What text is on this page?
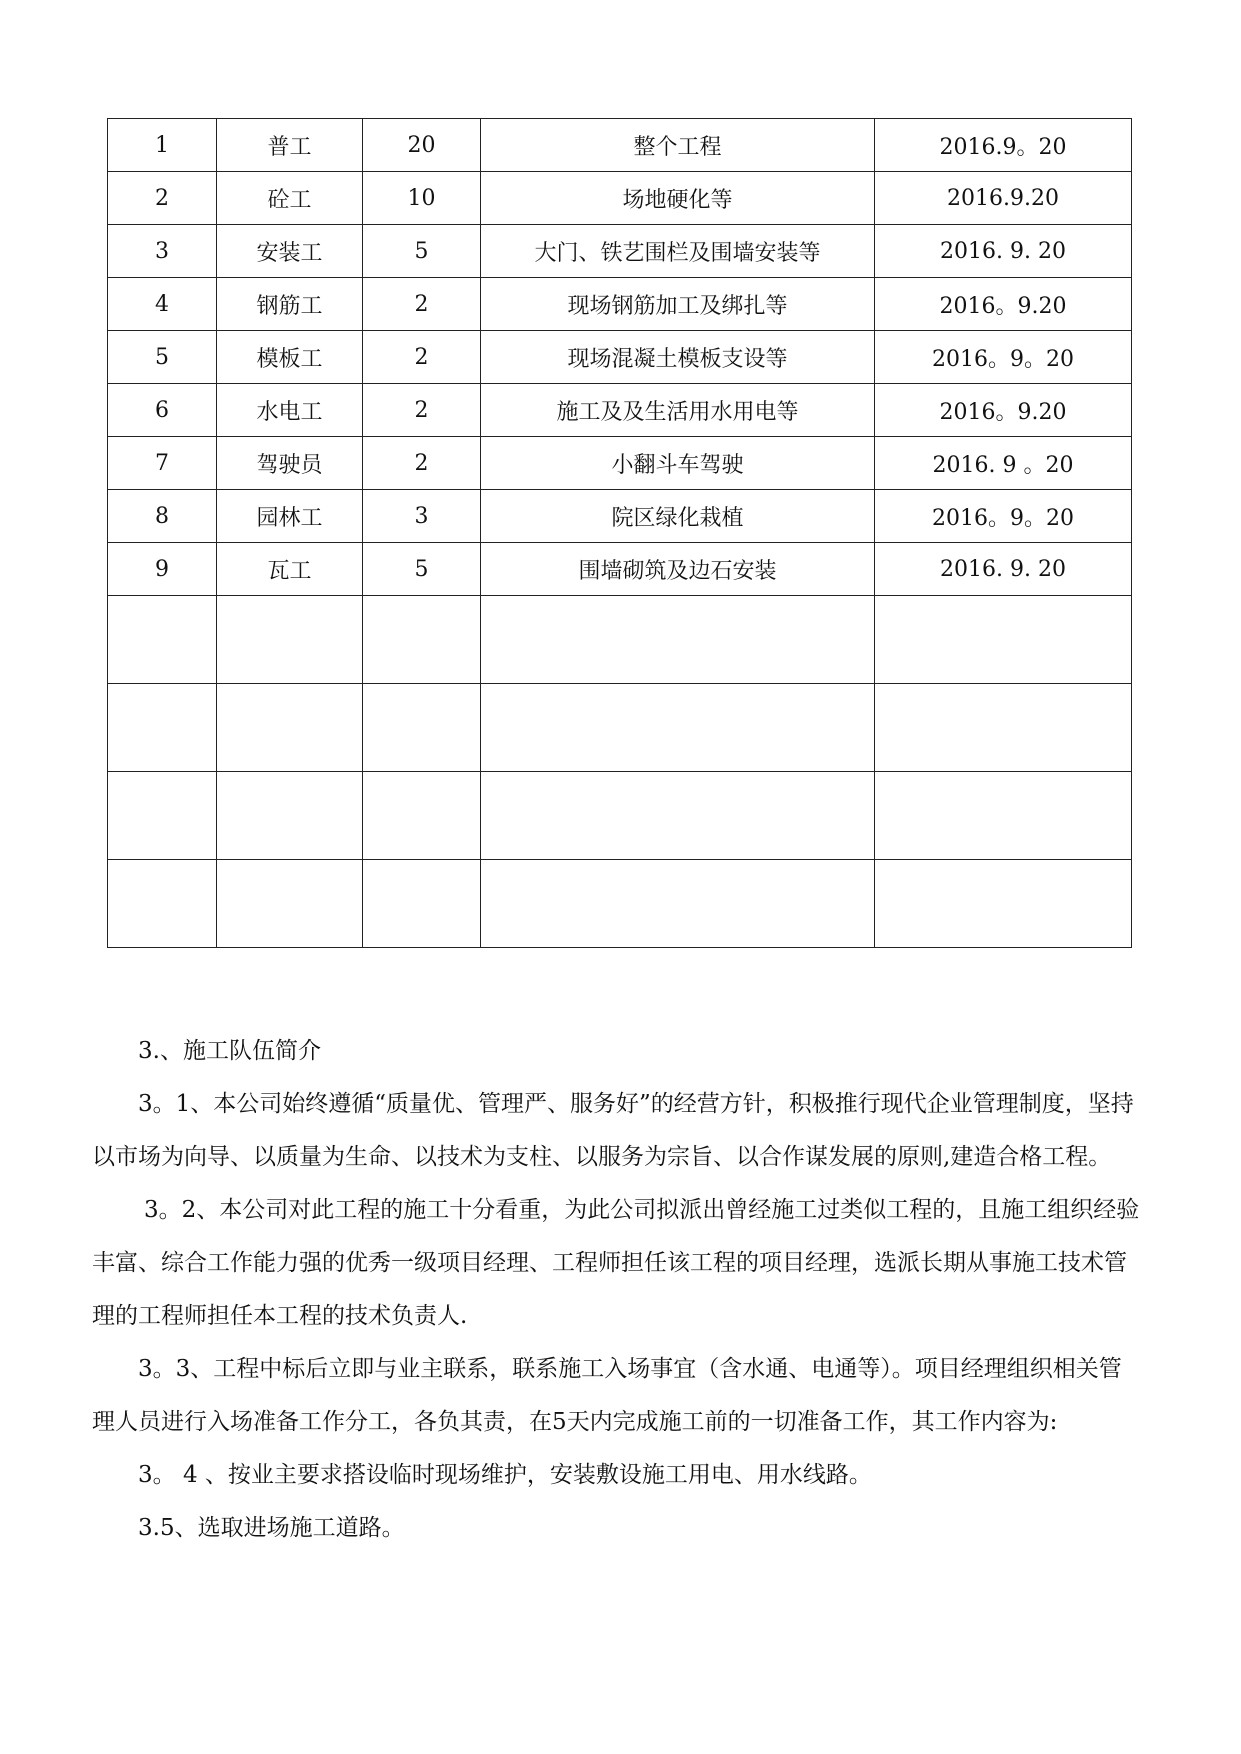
1	普工	20	整个工程	2016.9。20
2	砼工	10	场地硬化等	2016.9.20
3	安装工	5	大门、铁艺围栏及围墙安装等	2016. 9. 20
4	钢筋工	2	现场钢筋加工及绑扎等	2016。9.20
5	模板工	2	现场混凝土模板支设等	2016。9。20
6	水电工	2	施工及及生活用水用电等	2016。9.20
7	驾驶员	2	小翻斗车驾驶	2016. 9 。20
8	园林工	3	院区绿化栽植	2016。9。20
9	瓦工	5	围墙砌筑及边石安装	2016. 9. 20

3.、施工队伍简介

3。1、本公司始终遵循“质量优、管理严、服务好”的经营方针，积极推行现代企业管理制度，坚持以市场为向导、以质量为生命、以技术为支柱、以服务为宗旨、以合作谋发展的原则,建造合格工程。

3。2、本公司对此工程的施工十分看重，为此公司拟派出曾经施工过类似工程的，且施工组织经验丰富、综合工作能力强的优秀一级项目经理、工程师担任该工程的项目经理，选派长期从事施工技术管理的工程师担任本工程的技术负责人.

3。3、工程中标后立即与业主联系，联系施工入场事宜（含水通、电通等）。项目经理组织相关管理人员进行入场准备工作分工，各负其责，在5天内完成施工前的一切准备工作，其工作内容为:

3。 4 、按业主要求搭设临时现场维护，安装敷设施工用电、用水线路。

3.5、选取进场施工道路。
